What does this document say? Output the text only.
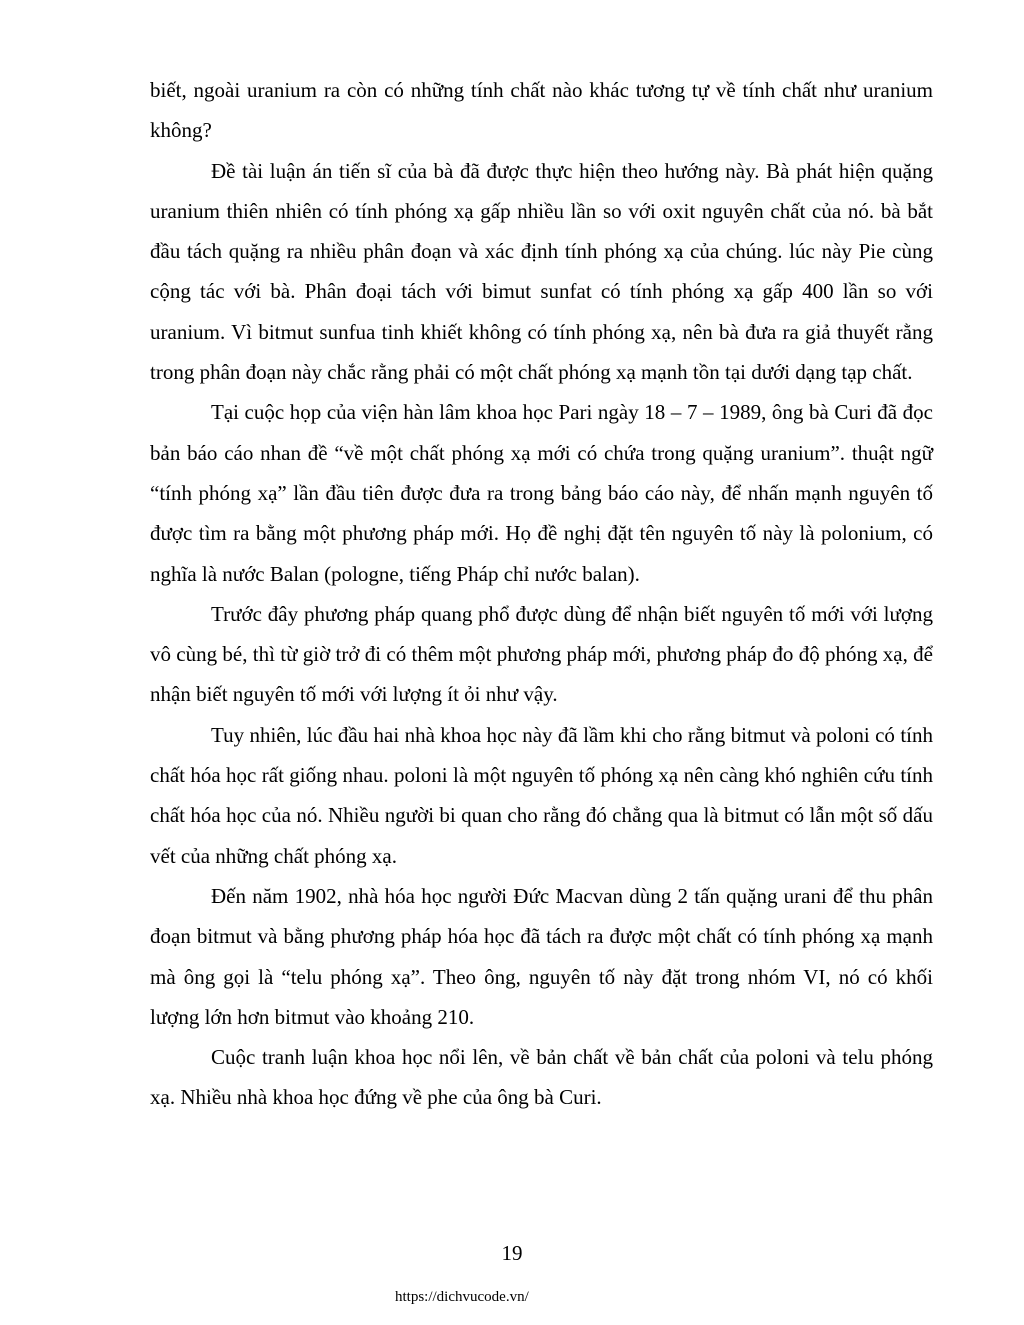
biết, ngoài uranium ra còn có những tính chất nào khác tương tự về tính chất như uranium không?

Đề tài luận án tiến sĩ của bà đã được thực hiện theo hướng này. Bà phát hiện quặng uranium thiên nhiên có tính phóng xạ gấp nhiều lần so với oxit nguyên chất của nó. bà bắt đầu tách quặng ra nhiều phân đoạn và xác định tính phóng xạ của chúng. lúc này Pie cùng cộng tác với bà. Phân đoại tách với bimut sunfat có tính phóng xạ gấp 400 lần so với uranium. Vì bitmut sunfua tinh khiết không có tính phóng xạ, nên bà đưa ra giả thuyết rằng trong phân đoạn này chắc rằng phải có một chất phóng xạ mạnh tồn tại dưới dạng tạp chất.

Tại cuộc họp của viện hàn lâm khoa học Pari ngày 18 – 7 – 1989, ông bà Curi đã đọc bản báo cáo nhan đề “về một chất phóng xạ mới có chứa trong quặng uranium”. thuật ngữ “tính phóng xạ” lần đầu tiên được đưa ra trong bảng báo cáo này, để nhấn mạnh nguyên tố được tìm ra bằng một phương pháp mới. Họ đề nghị đặt tên nguyên tố này là polonium, có nghĩa là nước Balan (pologne, tiếng Pháp chỉ nước balan).

Trước đây phương pháp quang phổ được dùng để nhận biết nguyên tố mới với lượng vô cùng bé, thì từ giờ trở đi có thêm một phương pháp mới, phương pháp đo độ phóng xạ, để nhận biết nguyên tố mới với lượng ít ỏi như vậy.

Tuy nhiên, lúc đầu hai nhà khoa học này đã lầm khi cho rằng bitmut và poloni có tính chất hóa học rất giống nhau. poloni là một nguyên tố phóng xạ nên càng khó nghiên cứu tính chất hóa học của nó. Nhiều người bi quan cho rằng đó chẳng qua là bitmut có lẫn một số dấu vết của những chất phóng xạ.

Đến năm 1902, nhà hóa học người Đức Macvan dùng 2 tấn quặng urani để thu phân đoạn bitmut và bằng phương pháp hóa học đã tách ra được một chất có tính phóng xạ mạnh mà ông gọi là “telu phóng xạ”. Theo ông, nguyên tố này đặt trong nhóm VI, nó có khối lượng lớn hơn bitmut vào khoảng 210.

Cuộc tranh luận khoa học nổi lên, về bản chất về bản chất của poloni và telu phóng xạ. Nhiều nhà khoa học đứng về phe của ông bà Curi.

19
https://dichvucode.vn/
